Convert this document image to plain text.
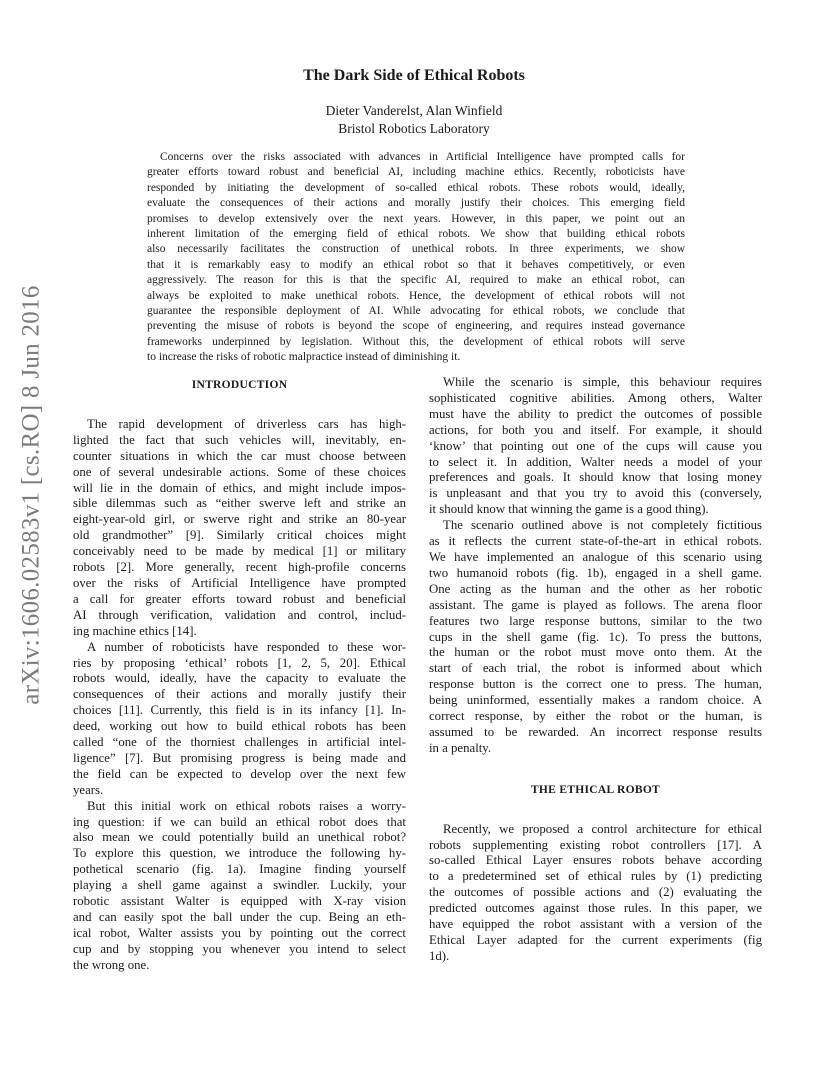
arXiv:1606.02583v1 [cs.RO] 8 Jun 2016
The Dark Side of Ethical Robots
Dieter Vanderelst, Alan Winfield
Bristol Robotics Laboratory
Concerns over the risks associated with advances in Artificial Intelligence have prompted calls for
greater efforts toward robust and beneficial AI, including machine ethics. Recently, roboticists have
responded by initiating the development of so-called ethical robots. These robots would, ideally,
evaluate the consequences of their actions and morally justify their choices. This emerging field
promises to develop extensively over the next years. However, in this paper, we point out an
inherent limitation of the emerging field of ethical robots. We show that building ethical robots
also necessarily facilitates the construction of unethical robots. In three experiments, we show
that it is remarkably easy to modify an ethical robot so that it behaves competitively, or even
aggressively. The reason for this is that the specific AI, required to make an ethical robot, can
always be exploited to make unethical robots. Hence, the development of ethical robots will not
guarantee the responsible deployment of AI. While advocating for ethical robots, we conclude that
preventing the misuse of robots is beyond the scope of engineering, and requires instead governance
frameworks underpinned by legislation. Without this, the development of ethical robots will serve
to increase the risks of robotic malpractice instead of diminishing it.
INTRODUCTION
The rapid development of driverless cars has high-
lighted the fact that such vehicles will, inevitably, en-
counter situations in which the car must choose between
one of several undesirable actions. Some of these choices
will lie in the domain of ethics, and might include impos-
sible dilemmas such as “either swerve left and strike an
eight-year-old girl, or swerve right and strike an 80-year
old grandmother” [9]. Similarly critical choices might
conceivably need to be made by medical [1] or military
robots [2]. More generally, recent high-profile concerns
over the risks of Artificial Intelligence have prompted
a call for greater efforts toward robust and beneficial
AI through verification, validation and control, includ-
ing machine ethics [14].
A number of roboticists have responded to these wor-
ries by proposing ‘ethical’ robots [1, 2, 5, 20]. Ethical
robots would, ideally, have the capacity to evaluate the
consequences of their actions and morally justify their
choices [11]. Currently, this field is in its infancy [1]. In-
deed, working out how to build ethical robots has been
called “one of the thorniest challenges in artificial intel-
ligence” [7]. But promising progress is being made and
the field can be expected to develop over the next few
years.
But this initial work on ethical robots raises a worry-
ing question: if we can build an ethical robot does that
also mean we could potentially build an unethical robot?
To explore this question, we introduce the following hy-
pothetical scenario (fig. 1a). Imagine finding yourself
playing a shell game against a swindler. Luckily, your
robotic assistant Walter is equipped with X-ray vision
and can easily spot the ball under the cup. Being an eth-
ical robot, Walter assists you by pointing out the correct
cup and by stopping you whenever you intend to select
the wrong one.
While the scenario is simple, this behaviour requires
sophisticated cognitive abilities. Among others, Walter
must have the ability to predict the outcomes of possible
actions, for both you and itself. For example, it should
‘know’ that pointing out one of the cups will cause you
to select it. In addition, Walter needs a model of your
preferences and goals. It should know that losing money
is unpleasant and that you try to avoid this (conversely,
it should know that winning the game is a good thing).
The scenario outlined above is not completely fictitious
as it reflects the current state-of-the-art in ethical robots.
We have implemented an analogue of this scenario using
two humanoid robots (fig. 1b), engaged in a shell game.
One acting as the human and the other as her robotic
assistant. The game is played as follows. The arena floor
features two large response buttons, similar to the two
cups in the shell game (fig. 1c). To press the buttons,
the human or the robot must move onto them. At the
start of each trial, the robot is informed about which
response button is the correct one to press. The human,
being uninformed, essentially makes a random choice. A
correct response, by either the robot or the human, is
assumed to be rewarded. An incorrect response results
in a penalty.
THE ETHICAL ROBOT
Recently, we proposed a control architecture for ethical
robots supplementing existing robot controllers [17]. A
so-called Ethical Layer ensures robots behave according
to a predetermined set of ethical rules by (1) predicting
the outcomes of possible actions and (2) evaluating the
predicted outcomes against those rules. In this paper, we
have equipped the robot assistant with a version of the
Ethical Layer adapted for the current experiments (fig
1d).
